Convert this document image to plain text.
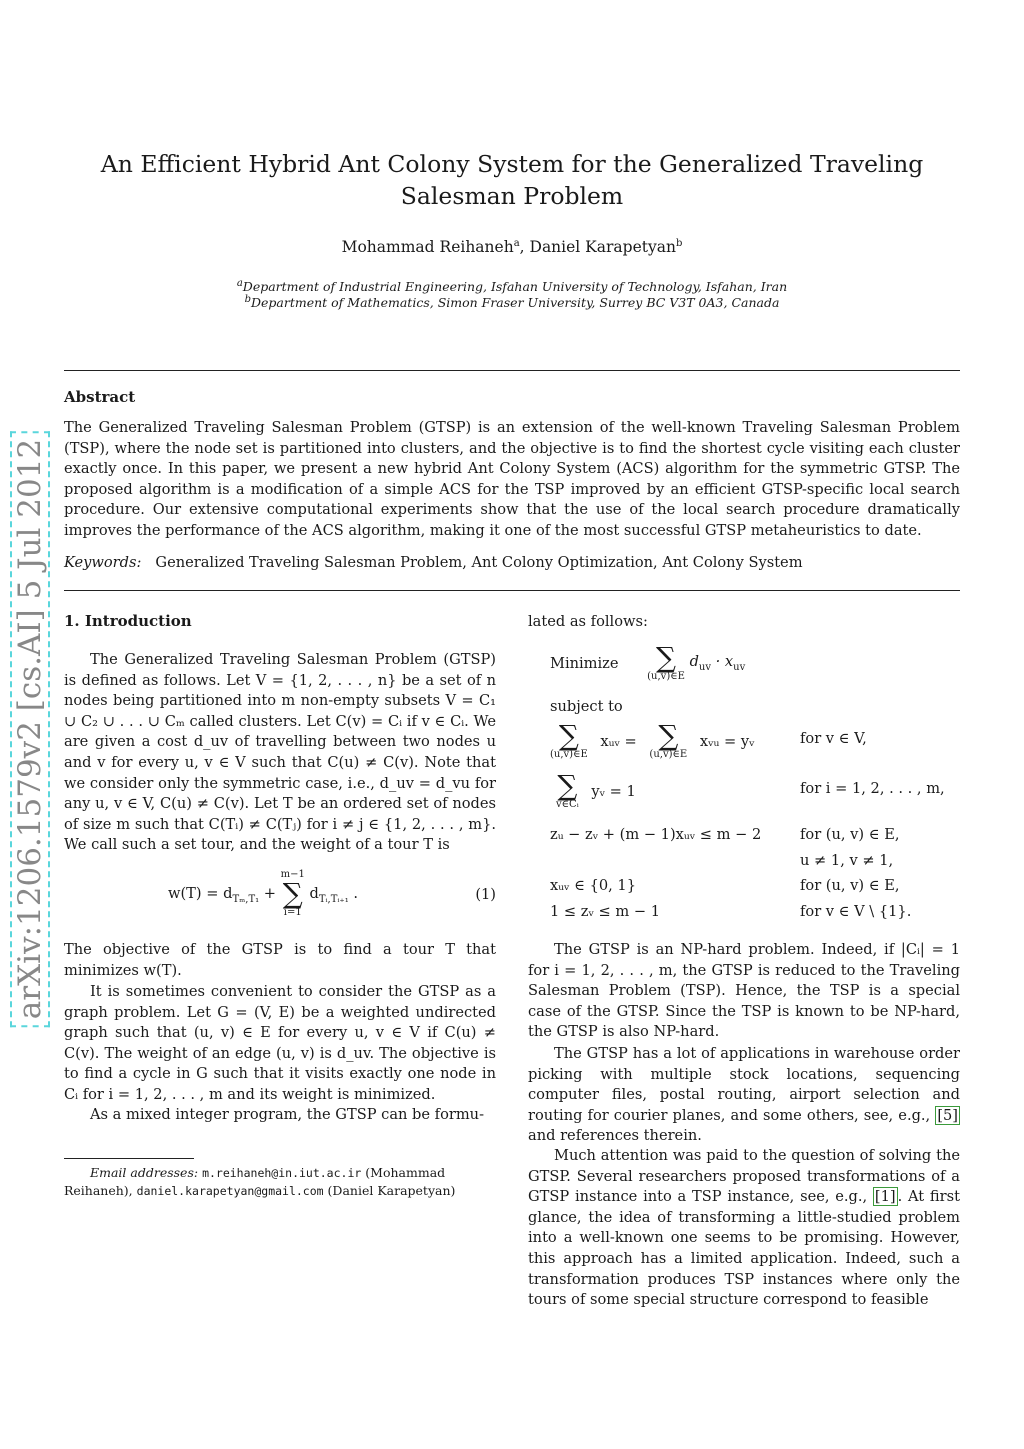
arXiv:1206.1579v2 [cs.AI] 5 Jul 2012
An Efficient Hybrid Ant Colony System for the Generalized Traveling Salesman Problem
Mohammad Reihaneh$^a$, Daniel Karapetyan$^b$
$^a$Department of Industrial Engineering, Isfahan University of Technology, Isfahan, Iran
$^b$Department of Mathematics, Simon Fraser University, Surrey BC V3T 0A3, Canada
Abstract

The Generalized Traveling Salesman Problem (GTSP) is an extension of the well-known Traveling Salesman Problem (TSP), where the node set is partitioned into clusters, and the objective is to find the shortest cycle visiting each cluster exactly once. In this paper, we present a new hybrid Ant Colony System (ACS) algorithm for the symmetric GTSP. The proposed algorithm is a modification of a simple ACS for the TSP improved by an efficient GTSP-specific local search procedure. Our extensive computational experiments show that the use of the local search procedure dramatically improves the performance of the ACS algorithm, making it one of the most successful GTSP metaheuristics to date.

Keywords: Generalized Traveling Salesman Problem, Ant Colony Optimization, Ant Colony System
1. Introduction

The Generalized Traveling Salesman Problem (GTSP) is defined as follows. Let V = {1, 2, . . . , n} be a set of n nodes being partitioned into m non-empty subsets V = C₁ ∪ C₂ ∪ . . . ∪ Cₘ called clusters. Let C(v) = Cᵢ if v ∈ Cᵢ. We are given a cost d_uv of travelling between two nodes u and v for every u, v ∈ V such that C(u) ≠ C(v). Note that we consider only the symmetric case, i.e., d_uv = d_vu for any u, v ∈ V, C(u) ≠ C(v). Let T be an ordered set of nodes of size m such that C(Tᵢ) ≠ C(Tⱼ) for i ≠ j ∈ {1, 2, . . . , m}. We call such a set tour, and the weight of a tour T is

$w(T) = d_{T_m,T_1}$ +
m−1
∑
i=1
$d_{Tᵢ,Tᵢ_{+1}}$ .	(1)

The objective of the GTSP is to find a tour T that minimizes w(T).

It is sometimes convenient to consider the GTSP as a graph problem. Let G = (V, E) be a weighted undirected graph such that (u, v) ∈ E for every u, v ∈ V if C(u) ≠ C(v). The weight of an edge (u, v) is d_uv. The objective is to find a cycle in G such that it visits exactly one node in Cᵢ for i = 1, 2, . . . , m and its weight is minimized.

As a mixed integer program, the GTSP can be formu-

Email addresses: m.reihaneh@in.iut.ac.ir (Mohammad Reihaneh), daniel.karapetyan@gmail.com (Daniel Karapetyan)

lated as follows:

Minimize	∑
(u,v)∈E
$d_{uv} \cdot x_{uv}$
subject to
∑
(u,v)∈E
xᵤᵥ = ∑
(u,v)∈E
xᵥᵤ = yᵥ	for v ∈ V,
∑
v∈Cᵢ
yᵥ = 1	for i = 1, 2, . . . , m,
zᵤ − zᵥ + (m − 1)xᵤᵥ ≤ m − 2	for (u, v) ∈ E,
u ≠ 1, v ≠ 1,
xᵤᵥ ∈ {0, 1}	for (u, v) ∈ E,
1 ≤ zᵥ ≤ m − 1	for v ∈ V \ {1}.

The GTSP is an NP-hard problem. Indeed, if |Cᵢ| = 1 for i = 1, 2, . . . , m, the GTSP is reduced to the Traveling Salesman Problem (TSP). Hence, the TSP is a special case of the GTSP. Since the TSP is known to be NP-hard, the GTSP is also NP-hard.

The GTSP has a lot of applications in warehouse order picking with multiple stock locations, sequencing computer files, postal routing, airport selection and routing for courier planes, and some others, see, e.g., [5] and references therein.

Much attention was paid to the question of solving the GTSP. Several researchers proposed transformations of a GTSP instance into a TSP instance, see, e.g., [1] . At first glance, the idea of transforming a little-studied problem into a well-known one seems to be promising. However, this approach has a limited application. Indeed, such a transformation produces TSP instances where only the tours of some special structure correspond to feasible
